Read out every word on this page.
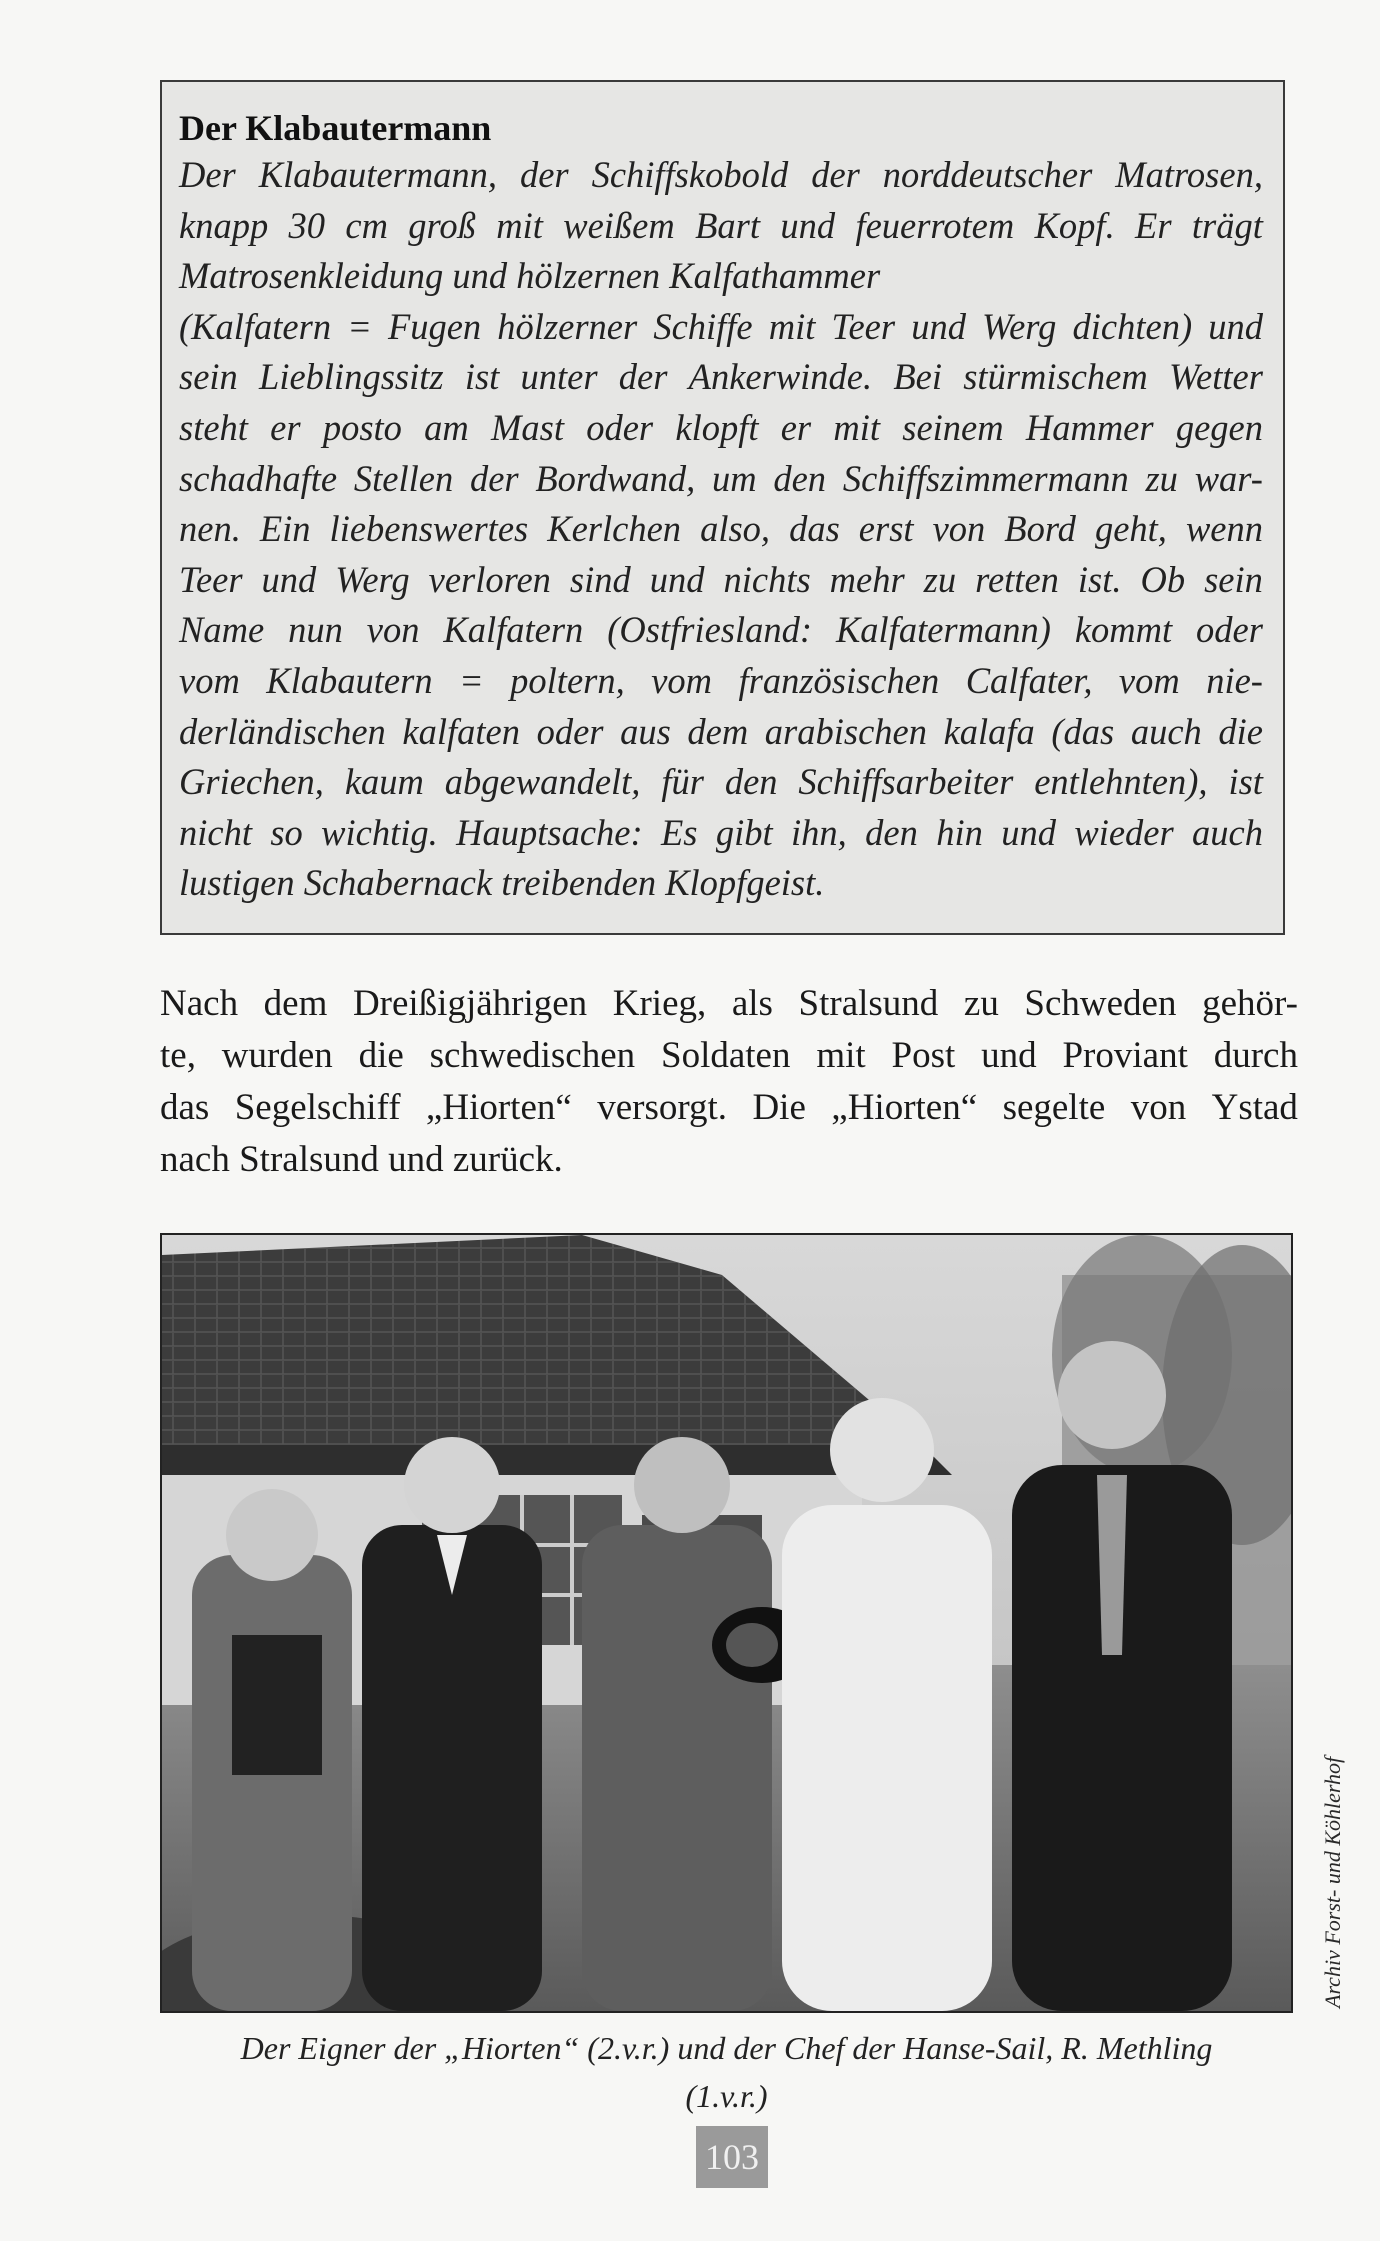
Der Klabautermann
Der Klabautermann, der Schiffskobold der norddeutscher Matrosen,
knapp 30 cm groß mit weißem Bart und feuerrotem Kopf. Er trägt
Matrosenkleidung und hölzernen Kalfathammer
(Kalfatern = Fugen hölzerner Schiffe mit Teer und Werg dichten) und
sein Lieblingssitz ist unter der Ankerwinde. Bei stürmischem Wetter
steht er posto am Mast oder klopft er mit seinem Hammer gegen
schadhafte Stellen der Bordwand, um den Schiffszimmermann zu war-
nen. Ein liebenswertes Kerlchen also, das erst von Bord geht, wenn
Teer und Werg verloren sind und nichts mehr zu retten ist. Ob sein
Name nun von Kalfatern (Ostfriesland: Kalfatermann) kommt oder
vom Klabautern = poltern, vom französischen Calfater, vom nie-
derländischen kalfaten oder aus dem arabischen kalafa (das auch die
Griechen, kaum abgewandelt, für den Schiffsarbeiter entlehnten), ist
nicht so wichtig. Hauptsache: Es gibt ihn, den hin und wieder auch
lustigen Schabernack treibenden Klopfgeist.
Nach dem Dreißigjährigen Krieg, als Stralsund zu Schweden gehör-
te, wurden die schwedischen Soldaten mit Post und Proviant durch
das Segelschiff „Hiorten“ versorgt. Die „Hiorten“ segelte von Ystad
nach Stralsund und zurück.
Archiv Forst- und Köhlerhof
Der Eigner der „Hiorten“ (2.v.r.) und der Chef der Hanse-Sail, R. Methling
(1.v.r.)
103
